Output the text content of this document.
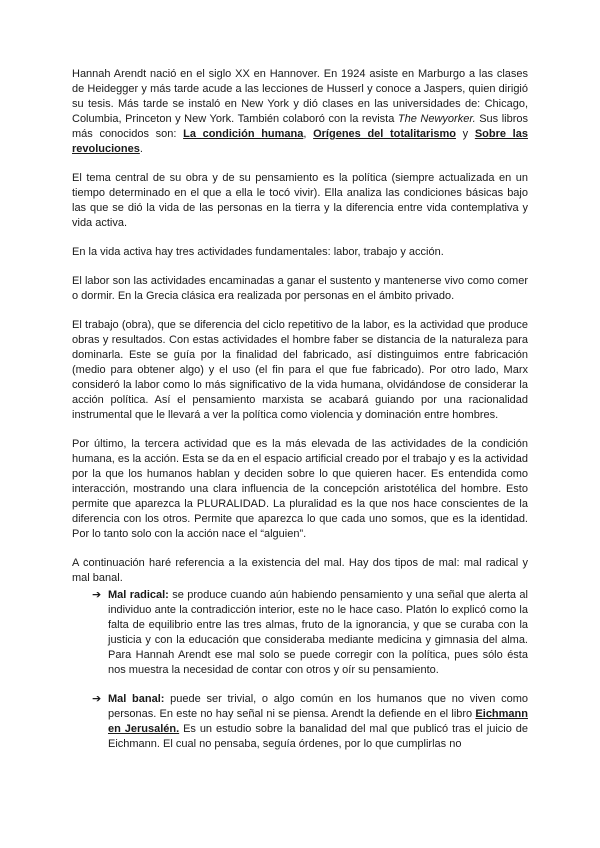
Hannah Arendt nació en el siglo XX en Hannover. En 1924 asiste en Marburgo a las clases de Heidegger y más tarde acude a las lecciones de Husserl y conoce a Jaspers, quien dirigió su tesis. Más tarde se instaló en New York y dió clases en las universidades de: Chicago, Columbia, Princeton y New York. También colaboró con la revista The Newyorker. Sus libros más conocidos son: La condición humana, Orígenes del totalitarismo y Sobre las revoluciones.

El tema central de su obra y de su pensamiento es la política (siempre actualizada en un tiempo determinado en el que a ella le tocó vivir). Ella analiza las condiciones básicas bajo las que se dió la vida de las personas en la tierra y la diferencia entre vida contemplativa y vida activa.

En la vida activa hay tres actividades fundamentales: labor, trabajo y acción.

El labor son las actividades encaminadas a ganar el sustento y mantenerse vivo como comer o dormir. En la Grecia clásica era realizada por personas en el ámbito privado.

El trabajo (obra), que se diferencia del ciclo repetitivo de la labor, es la actividad que produce obras y resultados. Con estas actividades el hombre faber se distancia de la naturaleza para dominarla. Este se guía por la finalidad del fabricado, así distinguimos entre fabricación (medio para obtener algo) y el uso (el fin para el que fue fabricado). Por otro lado, Marx consideró la labor como lo más significativo de la vida humana, olvidándose de considerar la acción política. Así el pensamiento marxista se acabará guiando por una racionalidad instrumental que le llevará a ver la política como violencia y dominación entre hombres.

Por último, la tercera actividad que es la más elevada de las actividades de la condición humana, es la acción. Esta se da en el espacio artificial creado por el trabajo y es la actividad por la que los humanos hablan y deciden sobre lo que quieren hacer. Es entendida como interacción, mostrando una clara influencia de la concepción aristotélica del hombre. Esto permite que aparezca la PLURALIDAD. La pluralidad es la que nos hace conscientes de la diferencia con los otros. Permite que aparezca lo que cada uno somos, que es la identidad. Por lo tanto solo con la acción nace el “alguien”.

A continuación haré referencia a la existencia del mal. Hay dos tipos de mal: mal radical y mal banal.

➔ Mal radical: se produce cuando aún habiendo pensamiento y una señal que alerta al individuo ante la contradicción interior, este no le hace caso. Platón lo explicó como la falta de equilibrio entre las tres almas, fruto de la ignorancia, y que se curaba con la justicia y con la educación que consideraba mediante medicina y gimnasia del alma. Para Hannah Arendt ese mal solo se puede corregir con la política, pues sólo ésta nos muestra la necesidad de contar con otros y oír su pensamiento.
➔ Mal banal: puede ser trivial, o algo común en los humanos que no viven como personas. En este no hay señal ni se piensa. Arendt la defiende en el libro Eichmann en Jerusalén. Es un estudio sobre la banalidad del mal que publicó tras el juicio de Eichmann. El cual no pensaba, seguía órdenes, por lo que cumplirlas no
